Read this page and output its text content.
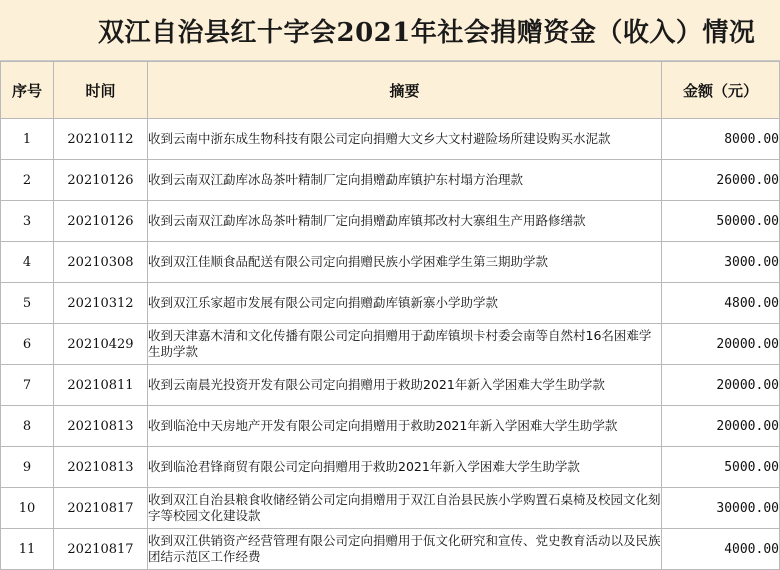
双江自治县红十字会2021年社会捐赠资金（收入）情况
序号	时间	摘要	金额（元）

1	20210112	收到云南中浙东成生物科技有限公司定向捐赠大文乡大文村避险场所建设购买水泥款	8000.00

2	20210126	收到云南双江勐库冰岛茶叶精制厂定向捐赠勐库镇护东村塌方治理款	26000.00

3	20210126	收到云南双江勐库冰岛茶叶精制厂定向捐赠勐库镇邦改村大寨组生产用路修缮款	50000.00

4	20210308	收到双江佳顺食品配送有限公司定向捐赠民族小学困难学生第三期助学款	3000.00

5	20210312	收到双江乐家超市发展有限公司定向捐赠勐库镇新寨小学助学款	4800.00

6	20210429	收到天津嘉木清和文化传播有限公司定向捐赠用于勐库镇坝卡村委会南等自然村16名困难学生助学款	20000.00

7	20210811	收到云南晨光投资开发有限公司定向捐赠用于救助2021年新入学困难大学生助学款	20000.00

8	20210813	收到临沧中天房地产开发有限公司定向捐赠用于救助2021年新入学困难大学生助学款	20000.00

9	20210813	收到临沧君锋商贸有限公司定向捐赠用于救助2021年新入学困难大学生助学款	5000.00

10	20210817	收到双江自治县粮食收储经销公司定向捐赠用于双江自治县民族小学购置石桌椅及校园文化刻字等校园文化建设款	30000.00

11	20210817	收到双江供销资产经营管理有限公司定向捐赠用于佤文化研究和宣传、党史教育活动以及民族团结示范区工作经费	4000.00
